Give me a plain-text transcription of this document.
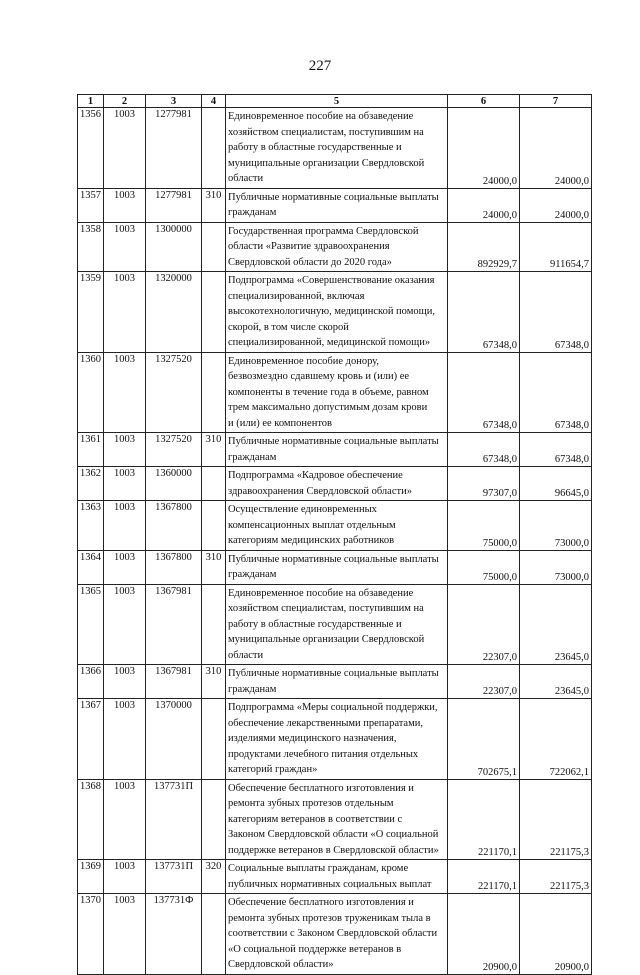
227
1	2	3	4	5	6	7
1356	1003	1277981		Единовременное пособие на обзаведение
хозяйством специалистам, поступившим на
работу в областные государственные и
муниципальные организации Свердловской
области	24000,0	24000,0
1357	1003	1277981	310	Публичные нормативные социальные выплаты
гражданам	24000,0	24000,0
1358	1003	1300000		Государственная программа Свердловской
области «Развитие здравоохранения
Свердловской области до 2020 года»	892929,7	911654,7
1359	1003	1320000		Подпрограмма «Совершенствование оказания
специализированной, включая
высокотехнологичную, медицинской помощи,
скорой, в том числе скорой
специализированной, медицинской помощи»	67348,0	67348,0
1360	1003	1327520		Единовременное пособие донору,
безвозмездно сдавшему кровь и (или) ее
компоненты в течение года в объеме, равном
трем максимально допустимым дозам крови
и (или) ее компонентов	67348,0	67348,0
1361	1003	1327520	310	Публичные нормативные социальные выплаты
гражданам	67348,0	67348,0
1362	1003	1360000		Подпрограмма «Кадровое обеспечение
здравоохранения Свердловской области»	97307,0	96645,0
1363	1003	1367800		Осуществление единовременных
компенсационных выплат отдельным
категориям медицинских работников	75000,0	73000,0
1364	1003	1367800	310	Публичные нормативные социальные выплаты
гражданам	75000,0	73000,0
1365	1003	1367981		Единовременное пособие на обзаведение
хозяйством специалистам, поступившим на
работу в областные государственные и
муниципальные организации Свердловской
области	22307,0	23645,0
1366	1003	1367981	310	Публичные нормативные социальные выплаты
гражданам	22307,0	23645,0
1367	1003	1370000		Подпрограмма «Меры социальной поддержки,
обеспечение лекарственными препаратами,
изделиями медицинского назначения,
продуктами лечебного питания отдельных
категорий граждан»	702675,1	722062,1
1368	1003	137731П		Обеспечение бесплатного изготовления и
ремонта зубных протезов отдельным
категориям ветеранов в соответствии с
Законом Свердловской области «О социальной
поддержке ветеранов в Свердловской области»	221170,1	221175,3
1369	1003	137731П	320	Социальные выплаты гражданам, кроме
публичных нормативных социальных выплат	221170,1	221175,3
1370	1003	137731Ф		Обеспечение бесплатного изготовления и
ремонта зубных протезов труженикам тыла в
соответствии с Законом Свердловской области
«О социальной поддержке ветеранов в
Свердловской области»	20900,0	20900,0
